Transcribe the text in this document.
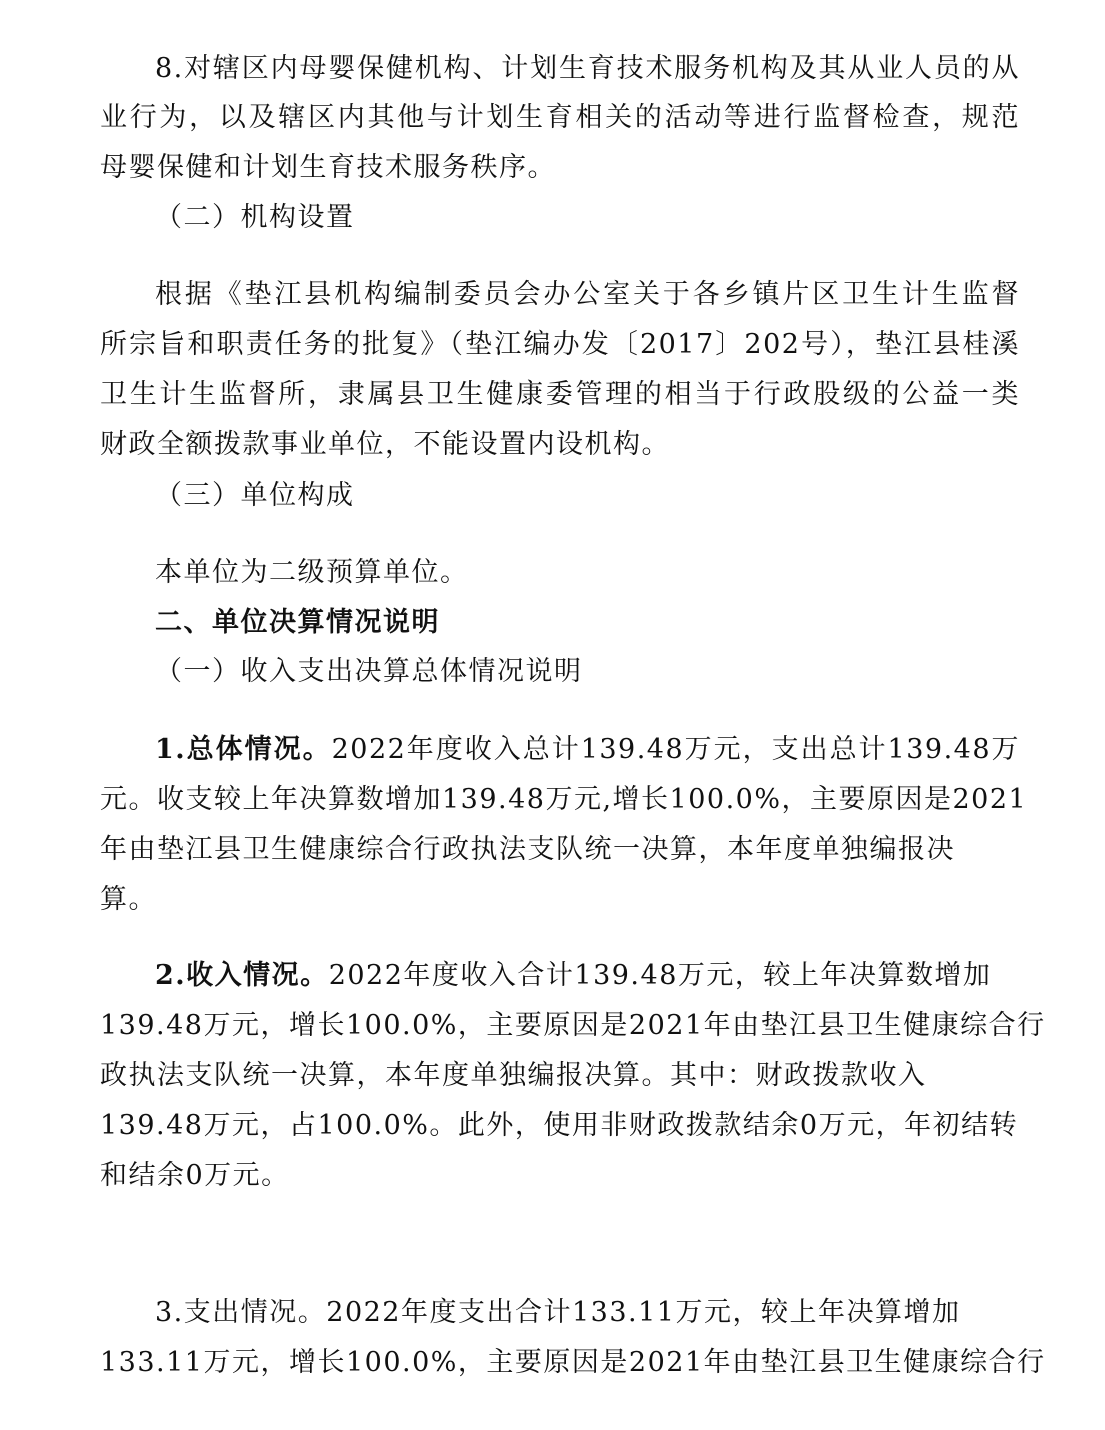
8.对辖区内母婴保健机构、计划生育技术服务机构及其从业人员的从
业行为，以及辖区内其他与计划生育相关的活动等进行监督检查，规范
母婴保健和计划生育技术服务秩序。
（二）机构设置
根据《垫江县机构编制委员会办公室关于各乡镇片区卫生计生监督
所宗旨和职责任务的批复》（垫江编办发〔2017〕202号），垫江县桂溪
卫生计生监督所，隶属县卫生健康委管理的相当于行政股级的公益一类
财政全额拨款事业单位，不能设置内设机构。
（三）单位构成
本单位为二级预算单位。
二、单位决算情况说明
（一）收入支出决算总体情况说明
1.总体情况。2022年度收入总计139.48万元，支出总计139.48万
元。收支较上年决算数增加139.48万元,增长100.0%，主要原因是2021
年由垫江县卫生健康综合行政执法支队统一决算，本年度单独编报决
算。
2.收入情况。2022年度收入合计139.48万元，较上年决算数增加
139.48万元，增长100.0%，主要原因是2021年由垫江县卫生健康综合行
政执法支队统一决算，本年度单独编报决算。其中：财政拨款收入
139.48万元，占100.0%。此外，使用非财政拨款结余0万元，年初结转
和结余0万元。
3.支出情况。2022年度支出合计133.11万元，较上年决算增加
133.11万元，增长100.0%，主要原因是2021年由垫江县卫生健康综合行
